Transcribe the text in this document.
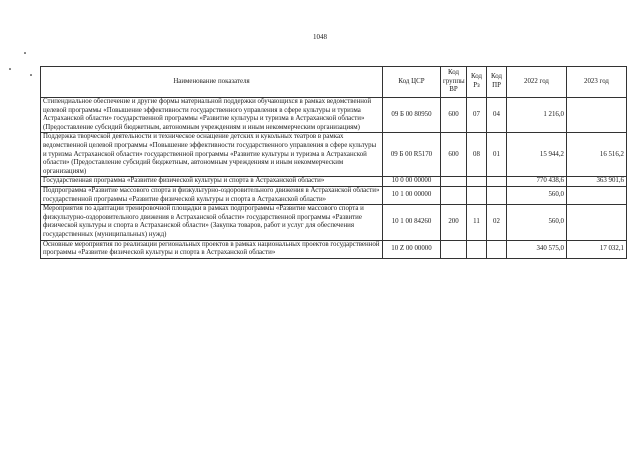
1048
Наименование показателя	Код ЦСР	Код группы ВР	Код Рз	Код ПР	2022 год	2023 год
Стипендиальное обеспечение и другие формы материальной поддержки обучающихся в рамках ведомственной целевой программы «Повышение эффективности государственного управления в сфере культуры и туризма Астраханской области» государственной программы «Развитие культуры и туризма в Астраханской области» (Предоставление субсидий бюджетным, автономным учреждениям и иным некоммерческим организациям)	09 Б 00 80950	600	07	04	1 216,0	
Поддержка творческой деятельности и техническое оснащение детских и кукольных театров в рамках ведомственной целевой программы «Повышение эффективности государственного управления в сфере культуры и туризма Астраханской области» государственной программы «Развитие культуры и туризма в Астраханской области» (Предоставление субсидий бюджетным, автономным учреждениям и иным некоммерческим организациям)	09 Б 00 R5170	600	08	01	15 944,2	16 516,2
Государственная программа «Развитие физической культуры и спорта в Астраханской области»	10 0 00 00000				770 438,6	363 901,6
Подпрограмма «Развитие массового спорта и физкультурно-оздоровительного движения в Астраханской области» государственной программы «Развитие физической культуры и спорта в Астраханской области»	10 1 00 00000				560,0	
Мероприятия по адаптации тренировочной площадки в рамках подпрограммы «Развитие массового спорта и физкультурно-оздоровительного движения в Астраханской области» государственной программы «Развитие физической культуры и спорта в Астраханской области» (Закупка товаров, работ и услуг для обеспечения государственных (муниципальных) нужд)	10 1 00 84260	200	11	02	560,0	
Основные мероприятия по реализации региональных проектов в рамках национальных проектов государственной программы «Развитие физической культуры и спорта в Астраханской области»	10 Z 00 00000				340 575,0	17 032,1
